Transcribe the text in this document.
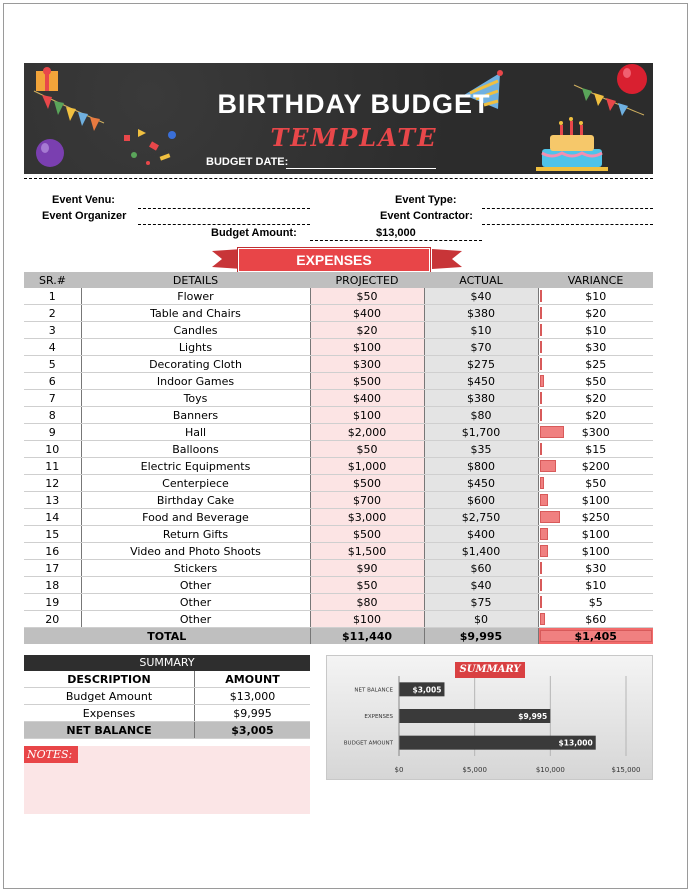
BIRTHDAY BUDGET
TEMPLATE
BUDGET DATE:
Event Venu:
Event Organizer
Event Type:
Event Contractor:
Budget Amount:	$13,000
EXPENSES
SR.#	DETAILS	PROJECTED	ACTUAL	VARIANCE
1	Flower	$50	$40	$10
2	Table and Chairs	$400	$380	$20
3	Candles	$20	$10	$10
4	Lights	$100	$70	$30
5	Decorating Cloth	$300	$275	$25
6	Indoor Games	$500	$450	$50
7	Toys	$400	$380	$20
8	Banners	$100	$80	$20
9	Hall	$2,000	$1,700	$300
10	Balloons	$50	$35	$15
11	Electric Equipments	$1,000	$800	$200
12	Centerpiece	$500	$450	$50
13	Birthday Cake	$700	$600	$100
14	Food and Beverage	$3,000	$2,750	$250
15	Return Gifts	$500	$400	$100
16	Video and Photo Shoots	$1,500	$1,400	$100
17	Stickers	$90	$60	$30
18	Other	$50	$40	$10
19	Other	$80	$75	$5
20	Other	$100	$0	$60
TOTAL		$11,440	$9,995	$1,405
SUMMARY
DESCRIPTION	AMOUNT
Budget Amount	$13,000
Expenses	$9,995
NET BALANCE	$3,005
NOTES:
SUMMARY
$0	$5,000	$10,000	$15,000
$3,005
NET BALANCE
$9,995
EXPENSES
$13,000
BUDGET AMOUNT
